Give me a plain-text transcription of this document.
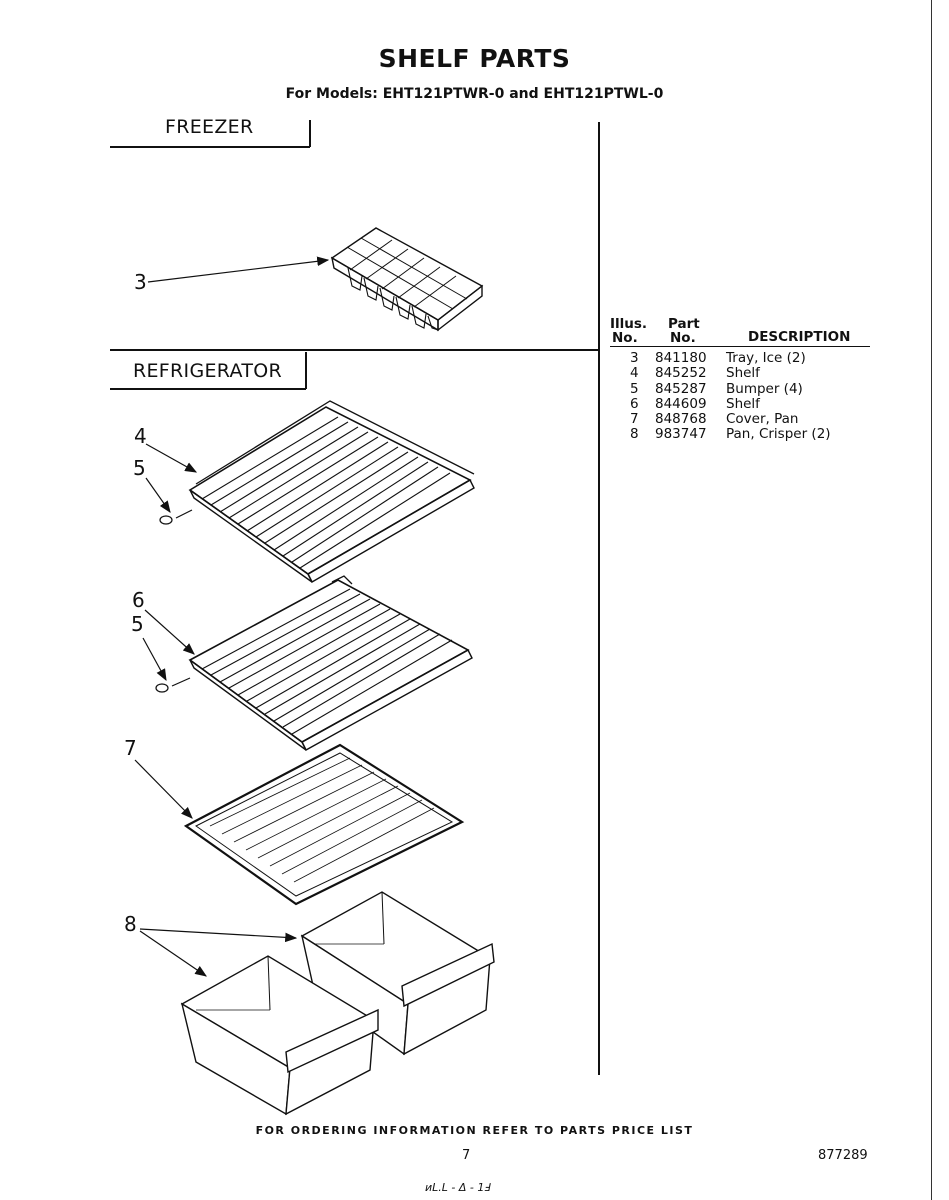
SHELF PARTS
For Models: EHT121PTWR-0 and EHT121PTWL-0
FREEZER
REFRIGERATOR
3
4
5
6
5
7
8
Illus.
No.
Part
No.	DESCRIPTION
3 841180 Tray, Ice (2)
4 845252 Shelf
5 845287 Bumper (4)
6 844609 Shelf
7 848768 Cover, Pan
8 983747 Pan, Crisper (2)
FOR ORDERING INFORMATION REFER TO PARTS PRICE LIST
7	877289
ᴎL.L - Δ - 1Ⅎ
